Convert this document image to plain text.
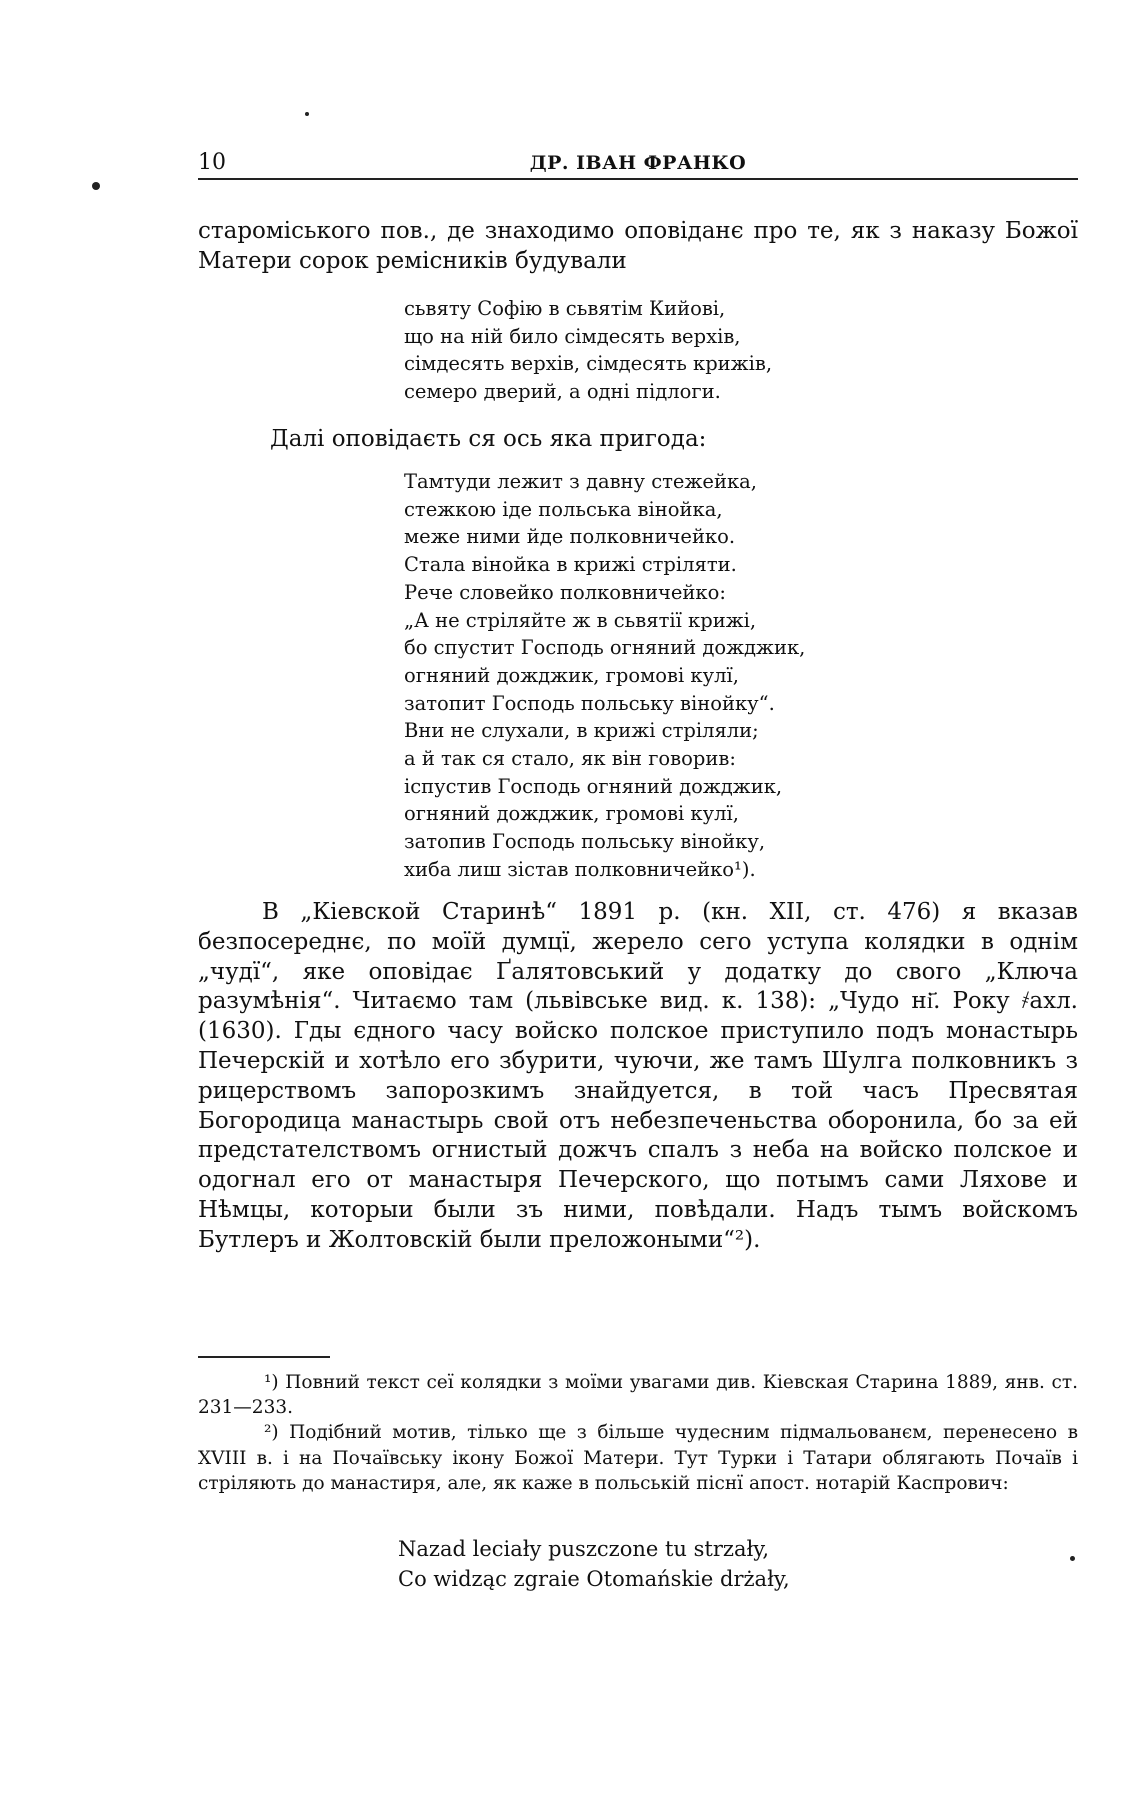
10	ДР. ІВАН ФРАНКО

староміського пов., де знаходимо оповіданє про те, як з наказу Божої Матери сорок ремісників будували

сьвяту Софію в сьвятім Кийові,
що на ній било сімдесять верхів,
сімдесять верхів, сімдесять крижів,
семеро дверий, а одні підлоги.

Далі оповідаєть ся ось яка пригода:

Тамтуди лежит з давну стежейка,
стежкою іде польська вінойка,
меже ними йде полковничейко.
Стала вінойка в крижі стріляти.
Рече словейко полковничейко:
„А не стріляйте ж в сьвятії крижі,
бо спустит Господь огняний дожджик,
огняний дожджик, громові кулї,
затопит Господь польську вінойку“.
Вни не слухали, в крижі стріляли;
а й так ся стало, як він говорив:
іспустив Господь огняний дожджик,
огняний дожджик, громові кулї,
затопив Господь польську вінойку,
хиба лиш зістав полковничейко¹).

В „Кіевской Старинѣ“ 1891 р. (кн. XII, ст. 476) я вказав безпосереднє, по моїй думцї, жерело сего уступа колядки в однім „чудї“, яке оповідає Ґалятовський у додатку до свого „Ключа разумѣнія“. Читаємо там (львівське вид. к. 138): „Чудо ні҃. Року ҂ахл. (1630). Гды єдного часу войско полское приступило подъ монастырь Печерскій и хотѣло его збурити, чуючи, же тамъ Шулга полковникъ з рицерствомъ запорозкимъ знайдуется, в той часъ Пресвятая Богородица манастырь свой отъ небезпеченьства оборонила, бо за ей предстателствомъ огнистый дожчъ спалъ з неба на войско полское и одогнал его от манастыря Печерского, що потымъ сами Ляхове и Нѣмцы, которыи были зъ ними, повѣдали. Надъ тымъ войскомъ Бутлеръ и Жолтовскій были преложоными“²).

¹) Повний текст сеї колядки з моїми увагами див. Кіевская Старина 1889, янв. ст. 231—233.

²) Подібний мотив, тілько ще з більше чудесним підмальованєм, перенесено в XVIII в. і на Почаївську ікону Божої Матери. Тут Турки і Татари облягають Почаїв і стріляють до манастиря, але, як каже в польській піснї апост. нотарій Каспрович:

Nazad leciały puszczone tu strzały,
Co widząc zgraie Otomańskie drżały,
